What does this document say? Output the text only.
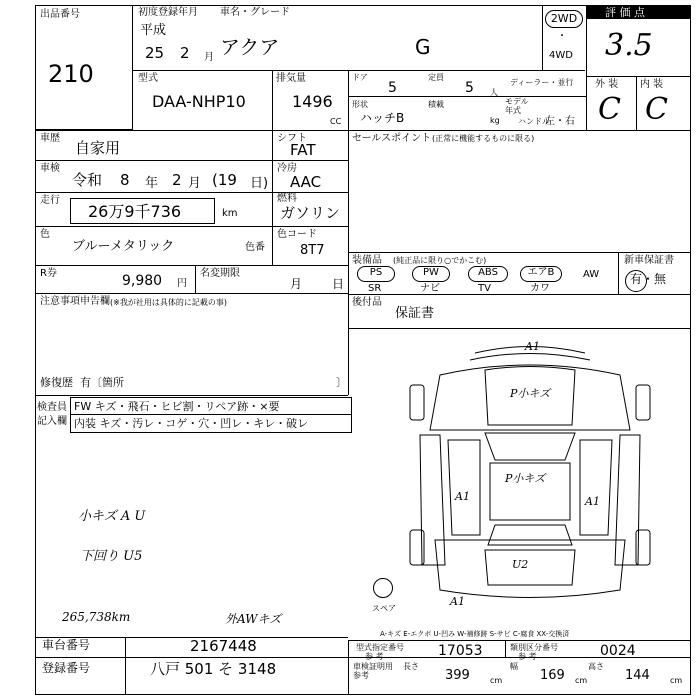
出品番号
210
初度登録年月 車名・グレード
平成
25 2 月 アクア	G
2WD
・
4WD
評 価 点
3.5
外 装 内 装
C C
型式
DAA-NHP10
排気量
1496
CC
ドア
5
定員
5 人
ディーラー・並行
形状
ハッチB
積載
kg
モデル 年式
ハンドル
左・右
車歴
自家用
シフト
FAT
車検
令和 8 年 2 月 (19 日)
冷房
AAC
走行
26万9千736	km
燃料
ガソリン
色
ブルーメタリック	色番
色コード
8T7
R券	9,980 円
名変期限
月 日
注意事項申告欄 (※我が社用は具体的に記載の事)
修復歴 有〔箇所	〕
検査員
記入欄
FW キズ・飛石・ヒビ割・リペア跡・×要
内装 キズ・汚レ・コゲ・穴・凹レ・キレ・破レ
小キズ A U
下回り U5
265,738km	外AWキズ
セールスポイント (正常に機能するものに限る)
装備品 (純正品に限り○でかこむ)
PS	PW	ABS	エアB	AW
SR	ナビ	TV	カワ
新車保証書
有・無
後付品
保証書
スペア
A1
P小キズ
P小キズ
A1	A1
U2
A1
A-キズ E-エクボ U-凹み W-補修跡 S-サビ C-腐食 XX-交換済
車台番号	2167448
登録番号	八戸 501 そ 3148
型式指定番号
参 考	17053	類別区分番号
参 考	0024
車検証明用 参考
長さ
399	cm
幅
169 cm
高さ
144	cm
